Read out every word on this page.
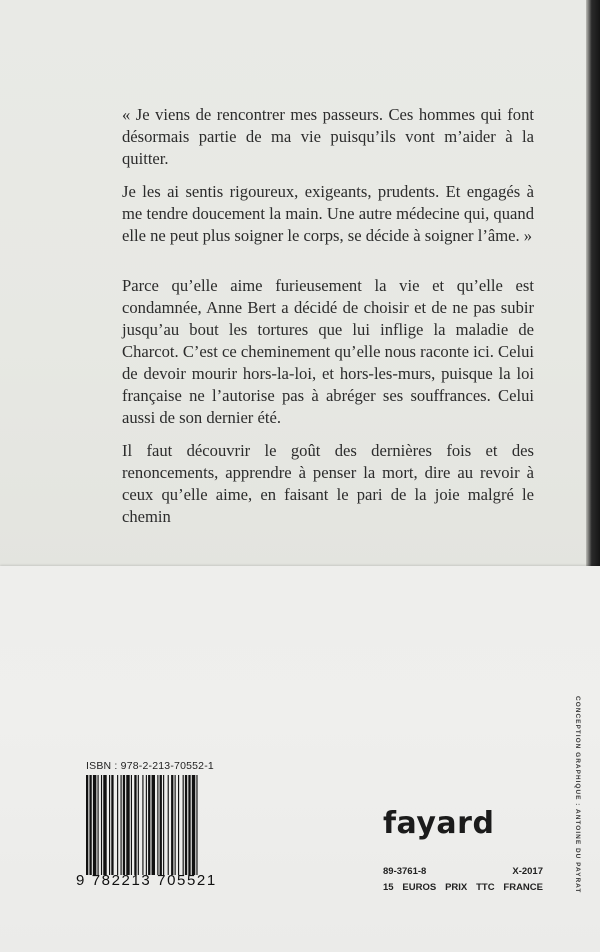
« Je viens de rencontrer mes passeurs. Ces hommes qui font désormais partie de ma vie puisqu’ils vont m’aider à la quitter.

Je les ai sentis rigoureux, exigeants, prudents. Et engagés à me tendre doucement la main. Une autre médecine qui, quand elle ne peut plus soigner le corps, se décide à soigner l’âme. »

Parce qu’elle aime furieusement la vie et qu’elle est condamnée, Anne Bert a décidé de choisir et de ne pas subir jusqu’au bout les tortures que lui inflige la maladie de Charcot. C’est ce cheminement qu’elle nous raconte ici. Celui de devoir mourir hors-la-loi, et hors-les-murs, puisque la loi française ne l’autorise pas à abréger ses souffrances. Celui aussi de son dernier été.

Il faut découvrir le goût des dernières fois et des renoncements, apprendre à penser la mort, dire au revoir à ceux qu’elle aime, en faisant le pari de la joie malgré le chemin

ISBN : 978-2-213-70552-1
9 782213 705521
fayard
89-3761-8	X-2017
15 EUROS PRIX TTC FRANCE	CONCEPTION GRAPHIQUE : ANTOINE DU PAYRAT
